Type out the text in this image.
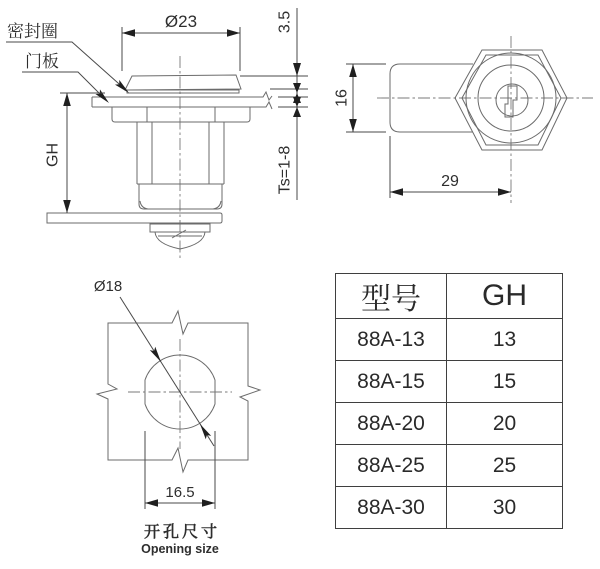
密封圈
门板
Ø23
GH
3.5
Ts=1-8
16
29
Ø18
16.5
开孔尺寸
Opening size
型号	GH
88A-13	13
88A-15	15
88A-20	20
88A-25	25
88A-30	30
